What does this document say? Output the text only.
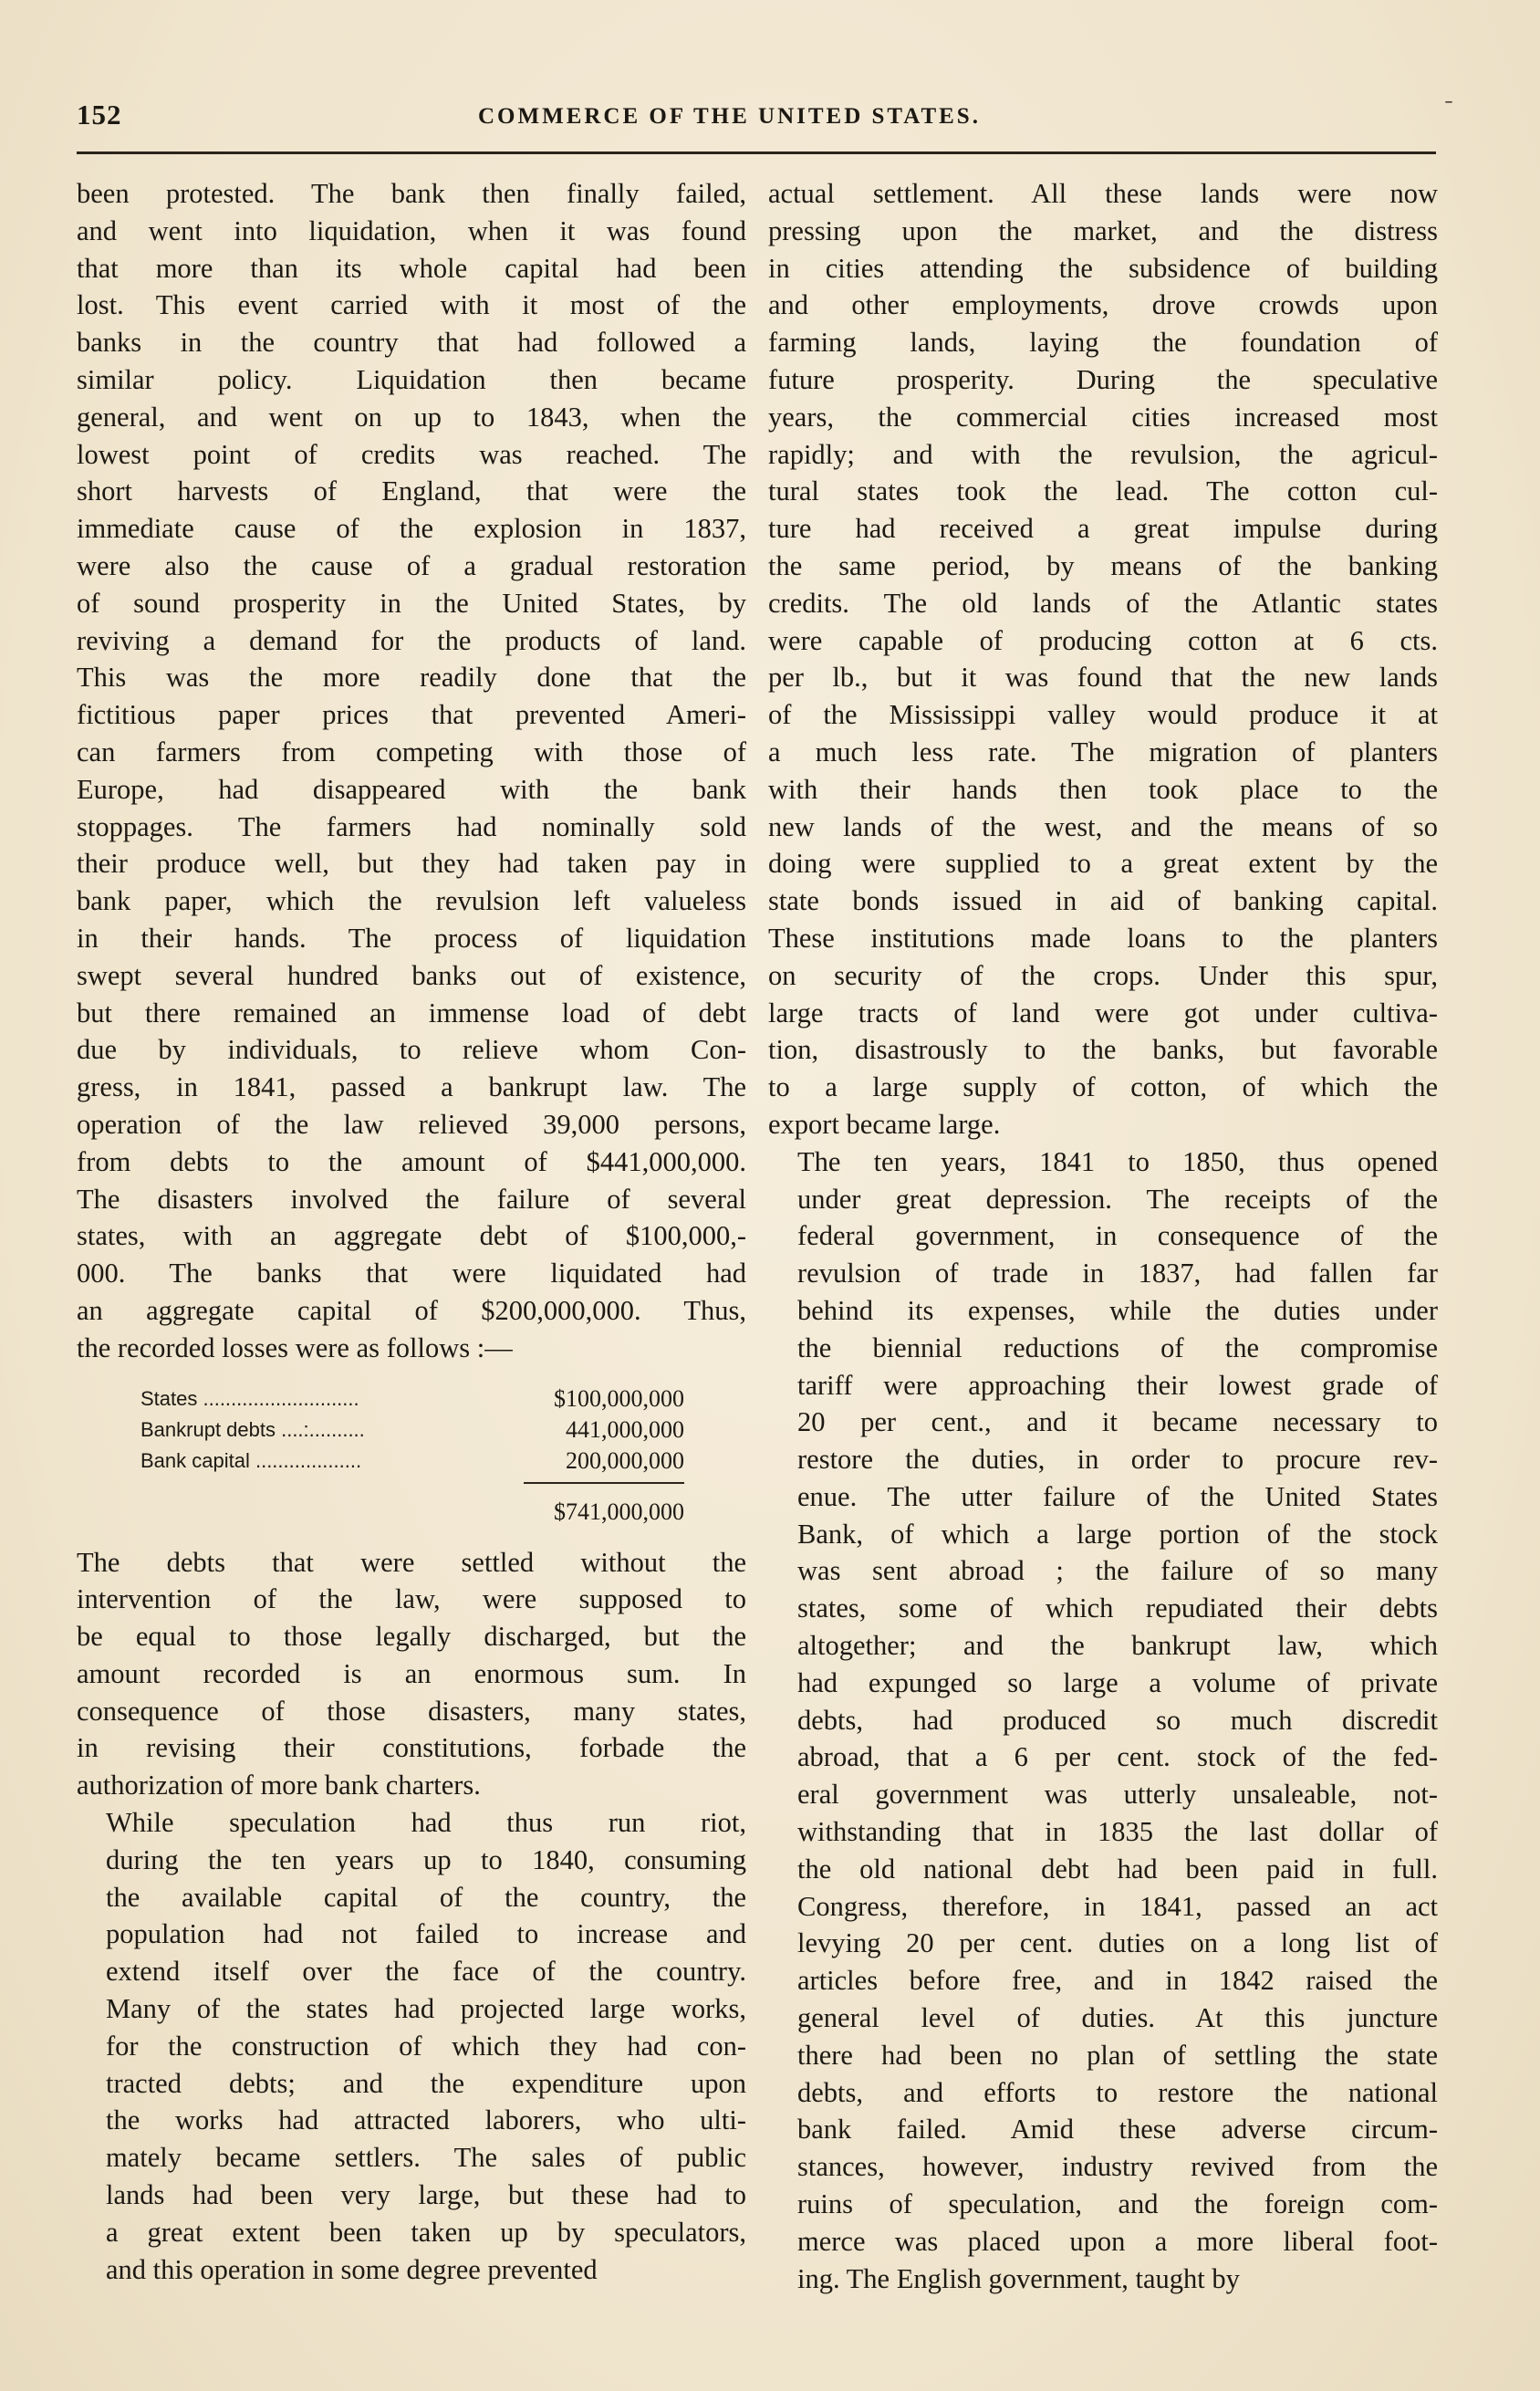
152	COMMERCE OF THE UNITED STATES.	ˉ

been protested. The bank then finally failed,
and went into liquidation, when it was found
that more than its whole capital had been
lost. This event carried with it most of the
banks in the country that had followed a
similar policy. Liquidation then became
general, and went on up to 1843, when the
lowest point of credits was reached. The
short harvests of England, that were the
immediate cause of the explosion in 1837,
were also the cause of a gradual restoration
of sound prosperity in the United States, by
reviving a demand for the products of land.
This was the more readily done that the
fictitious paper prices that prevented Ameri-
can farmers from competing with those of
Europe, had disappeared with the bank
stoppages. The farmers had nominally sold
their produce well, but they had taken pay in
bank paper, which the revulsion left valueless
in their hands. The process of liquidation
swept several hundred banks out of existence,
but there remained an immense load of debt
due by individuals, to relieve whom Con-
gress, in 1841, passed a bankrupt law. The
operation of the law relieved 39,000 persons,
from debts to the amount of $441,000,000.
The disasters involved the failure of several
states, with an aggregate debt of $100,000,-
000. The banks that were liquidated had
an aggregate capital of $200,000,000. Thus,
the recorded losses were as follows :—

States ............................	$100,000,000
Bankrupt debts ....:..........	441,000,000
Bank capital ...................	200,000,000
$741,000,000

The debts that were settled without the
intervention of the law, were supposed to
be equal to those legally discharged, but the
amount recorded is an enormous sum. In
consequence of those disasters, many states,
in revising their constitutions, forbade the
authorization of more bank charters.

While speculation had thus run riot,
during the ten years up to 1840, consuming
the available capital of the country, the
population had not failed to increase and
extend itself over the face of the country.
Many of the states had projected large works,
for the construction of which they had con-
tracted debts; and the expenditure upon
the works had attracted laborers, who ulti-
mately became settlers. The sales of public
lands had been very large, but these had to
a great extent been taken up by speculators,
and this operation in some degree prevented

actual settlement. All these lands were now
pressing upon the market, and the distress
in cities attending the subsidence of building
and other employments, drove crowds upon
farming lands, laying the foundation of
future prosperity. During the speculative
years, the commercial cities increased most
rapidly; and with the revulsion, the agricul-
tural states took the lead. The cotton cul-
ture had received a great impulse during
the same period, by means of the banking
credits. The old lands of the Atlantic states
were capable of producing cotton at 6 cts.
per lb., but it was found that the new lands
of the Mississippi valley would produce it at
a much less rate. The migration of planters
with their hands then took place to the
new lands of the west, and the means of so
doing were supplied to a great extent by the
state bonds issued in aid of banking capital.
These institutions made loans to the planters
on security of the crops. Under this spur,
large tracts of land were got under cultiva-
tion, disastrously to the banks, but favorable
to a large supply of cotton, of which the
export became large.

The ten years, 1841 to 1850, thus opened
under great depression. The receipts of the
federal government, in consequence of the
revulsion of trade in 1837, had fallen far
behind its expenses, while the duties under
the biennial reductions of the compromise
tariff were approaching their lowest grade of
20 per cent., and it became necessary to
restore the duties, in order to procure rev-
enue. The utter failure of the United States
Bank, of which a large portion of the stock
was sent abroad ; the failure of so many
states, some of which repudiated their debts
altogether; and the bankrupt law, which
had expunged so large a volume of private
debts, had produced so much discredit
abroad, that a 6 per cent. stock of the fed-
eral government was utterly unsaleable, not-
withstanding that in 1835 the last dollar of
the old national debt had been paid in full.
Congress, therefore, in 1841, passed an act
levying 20 per cent. duties on a long list of
articles before free, and in 1842 raised the
general level of duties. At this juncture
there had been no plan of settling the state
debts, and efforts to restore the national
bank failed. Amid these adverse circum-
stances, however, industry revived from the
ruins of speculation, and the foreign com-
merce was placed upon a more liberal foot-
ing. The English government, taught by
